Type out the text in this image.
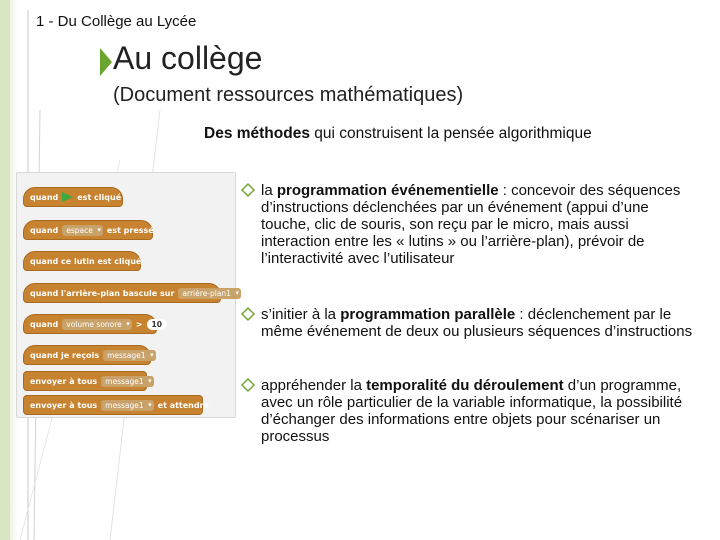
1 - Du Collège au Lycée
Au collège
(Document ressources mathématiques)
Des méthodes qui construisent la pensée algorithmique
quand est cliqué
quand	espace ▾	est pressé
quand ce lutin est cliqué
quand l'arrière-plan bascule sur	arrière-plan1 ▾
quand	volume sonore ▾	>	10
quand je reçois	message1 ▾
envoyer à tous	message1 ▾
envoyer à tous	message1 ▾	et attendre
la programmation événementielle : concevoir des séquences d’instructions déclenchées par un événement (appui d’une touche, clic de souris, son reçu par le micro, mais aussi interaction entre les « lutins » ou l’arrière-plan), prévoir de l’interactivité avec l’utilisateur
s’initier à la programmation parallèle : déclenchement par le même événement de deux ou plusieurs séquences d’instructions
appréhender la temporalité du déroulement d’un programme, avec un rôle particulier de la variable informatique, la possibilité d’échanger des informations entre objets pour scénariser un processus
